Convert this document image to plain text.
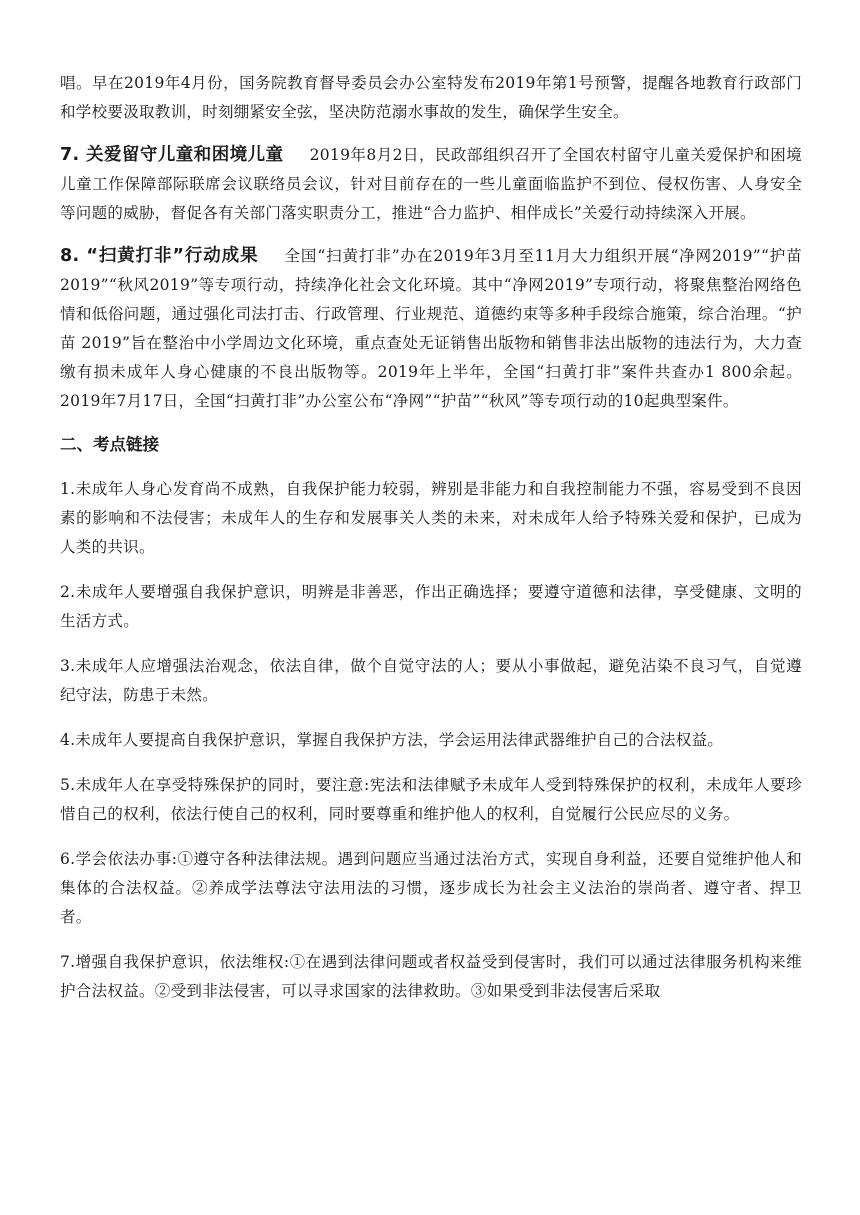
唱。早在2019年4月份，国务院教育督导委员会办公室特发布2019年第1号预警，提醒各地教育行政部门和学校要汲取教训，时刻绷紧安全弦，坚决防范溺水事故的发生，确保学生安全。

7. 关爱留守儿童和困境儿童 2019年8月2日，民政部组织召开了全国农村留守儿童关爱保护和困境儿童工作保障部际联席会议联络员会议，针对目前存在的一些儿童面临监护不到位、侵权伤害、人身安全等问题的威胁，督促各有关部门落实职责分工，推进“合力监护、相伴成长”关爱行动持续深入开展。

8. “扫黄打非”行动成果 全国“扫黄打非”办在2019年3月至11月大力组织开展“净网2019”“护苗2019”“秋风2019”等专项行动，持续净化社会文化环境。其中“净网2019”专项行动，将聚焦整治网络色情和低俗问题，通过强化司法打击、行政管理、行业规范、道德约束等多种手段综合施策，综合治理。“护苗 2019”旨在整治中小学周边文化环境，重点查处无证销售出版物和销售非法出版物的违法行为，大力查缴有损未成年人身心健康的不良出版物等。2019年上半年，全国“扫黄打非”案件共查办1 800余起。2019年7月17日，全国“扫黄打非”办公室公布“净网”“护苗”“秋风”等专项行动的10起典型案件。

二、考点链接

1.未成年人身心发育尚不成熟，自我保护能力较弱，辨别是非能力和自我控制能力不强，容易受到不良因素的影响和不法侵害；未成年人的生存和发展事关人类的未来，对未成年人给予特殊关爱和保护，已成为人类的共识。

2.未成年人要增强自我保护意识，明辨是非善恶，作出正确选择；要遵守道德和法律，享受健康、文明的生活方式。

3.未成年人应增强法治观念，依法自律，做个自觉守法的人；要从小事做起，避免沾染不良习气，自觉遵纪守法，防患于未然。

4.未成年人要提高自我保护意识，掌握自我保护方法，学会运用法律武器维护自己的合法权益。

5.未成年人在享受特殊保护的同时，要注意:宪法和法律赋予未成年人受到特殊保护的权利，未成年人要珍惜自己的权利，依法行使自己的权利，同时要尊重和维护他人的权利，自觉履行公民应尽的义务。

6.学会依法办事:①遵守各种法律法规。遇到问题应当通过法治方式，实现自身利益，还要自觉维护他人和集体的合法权益。②养成学法尊法守法用法的习惯，逐步成长为社会主义法治的崇尚者、遵守者、捍卫者。

7.增强自我保护意识，依法维权:①在遇到法律问题或者权益受到侵害时，我们可以通过法律服务机构来维护合法权益。②受到非法侵害，可以寻求国家的法律救助。③如果受到非法侵害后采取
